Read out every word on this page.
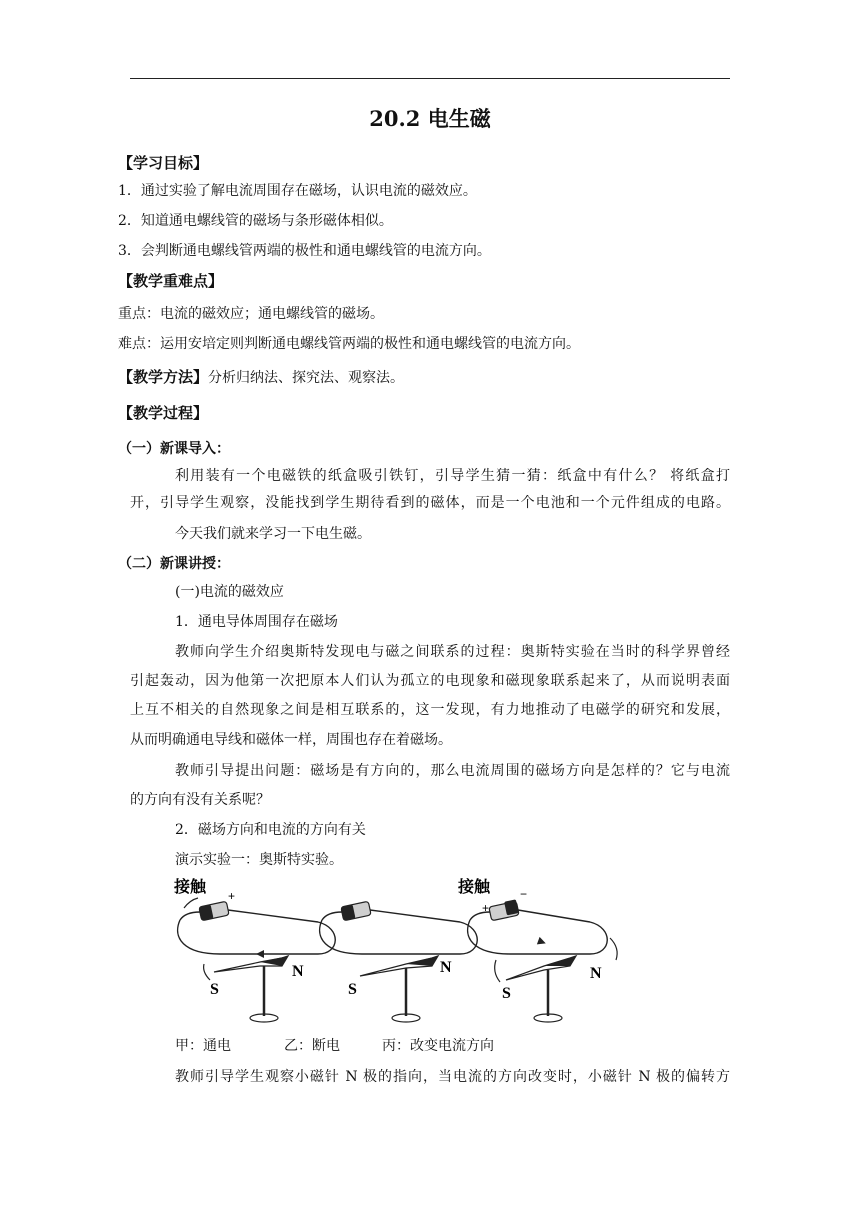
20.2 电生磁
【学习目标】
1．通过实验了解电流周围存在磁场，认识电流的磁效应。
2．知道通电螺线管的磁场与条形磁体相似。
3．会判断通电螺线管两端的极性和通电螺线管的电流方向。
【教学重难点】
重点：电流的磁效应；通电螺线管的磁场。
难点：运用安培定则判断通电螺线管两端的极性和通电螺线管的电流方向。
【教学方法】分析归纳法、探究法、观察法。
【教学过程】
（一）新课导入：
利用装有一个电磁铁的纸盒吸引铁钉，引导学生猜一猜：纸盒中有什么？ 将纸盒打
开，引导学生观察，没能找到学生期待看到的磁体，而是一个电池和一个元件组成的电路。
今天我们就来学习一下电生磁。
（二）新课讲授：
(一)电流的磁效应
1．通电导体周围存在磁场
教师向学生介绍奥斯特发现电与磁之间联系的过程：奥斯特实验在当时的科学界曾经
引起轰动，因为他第一次把原本人们认为孤立的电现象和磁现象联系起来了，从而说明表面
上互不相关的自然现象之间是相互联系的，这一发现，有力地推动了电磁学的研究和发展，
从而明确通电导线和磁体一样，周围也存在着磁场。
教师引导提出问题：磁场是有方向的，那么电流周围的磁场方向是怎样的？它与电流
的方向有没有关系呢？
2．磁场方向和电流的方向有关
演示实验一：奥斯特实验。
接触 +
S
N
S
N
接触
+
−
S
N
甲：通电	乙：断电	丙：改变电流方向
教师引导学生观察小磁针 N 极的指向，当电流的方向改变时，小磁针 N 极的偏转方
